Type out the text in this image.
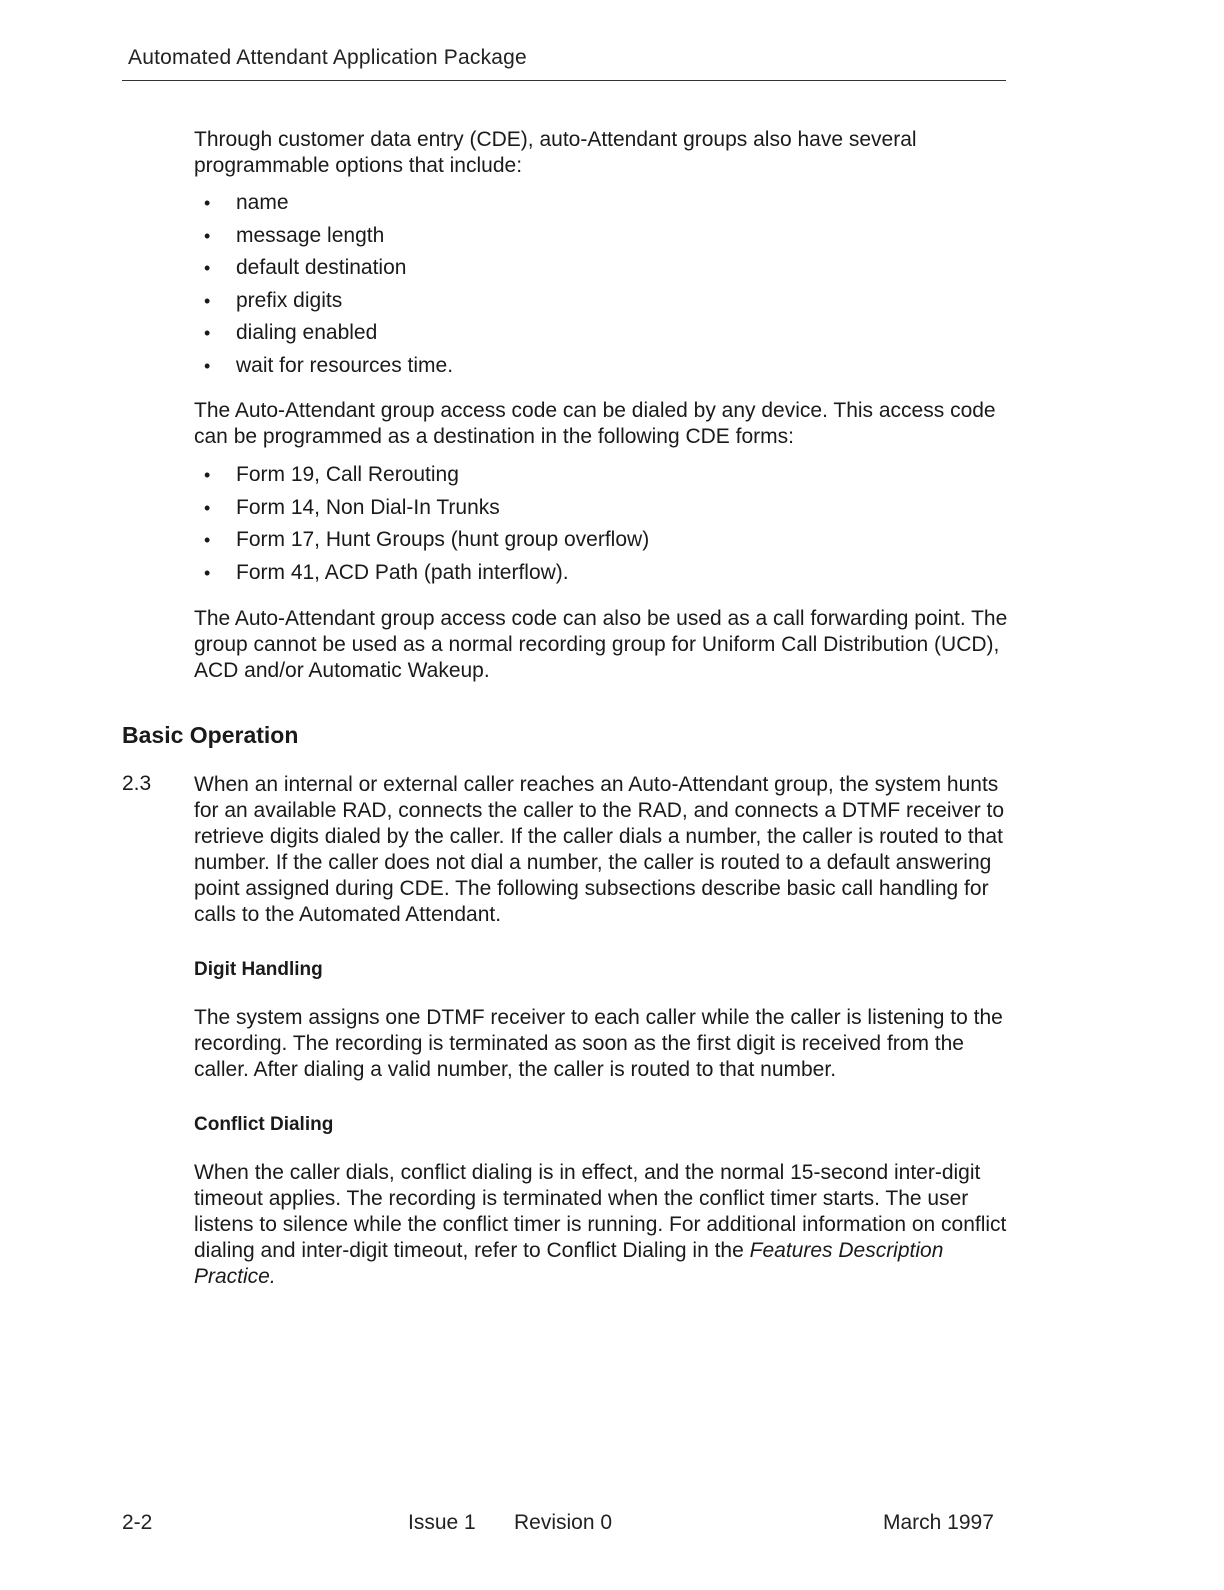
Automated Attendant Application Package

Through customer data entry (CDE), auto-Attendant groups also have several programmable options that include:

• name
• message length
• default destination
• prefix digits
• dialing enabled
• wait for resources time.

The Auto-Attendant group access code can be dialed by any device. This access code can be programmed as a destination in the following CDE forms:

• Form 19, Call Rerouting
• Form 14, Non Dial-In Trunks
• Form 17, Hunt Groups (hunt group overflow)
• Form 41, ACD Path (path interflow).

The Auto-Attendant group access code can also be used as a call forwarding point. The group cannot be used as a normal recording group for Uniform Call Distribution (UCD), ACD and/or Automatic Wakeup.

Basic Operation
2.3 When an internal or external caller reaches an Auto-Attendant group, the system hunts for an available RAD, connects the caller to the RAD, and connects a DTMF receiver to retrieve digits dialed by the caller. If the caller dials a number, the caller is routed to that number. If the caller does not dial a number, the caller is routed to a default answering point assigned during CDE. The following subsections describe basic call handling for calls to the Automated Attendant.

Digit Handling

The system assigns one DTMF receiver to each caller while the caller is listening to the recording. The recording is terminated as soon as the first digit is received from the caller. After dialing a valid number, the caller is routed to that number.

Conflict Dialing

When the caller dials, conflict dialing is in effect, and the normal 15-second inter-digit timeout applies. The recording is terminated when the conflict timer starts. The user listens to silence while the conflict timer is running. For additional information on conflict dialing and inter-digit timeout, refer to Conflict Dialing in the Features Description Practice.

2-2	Issue 1 Revision 0	March 1997
